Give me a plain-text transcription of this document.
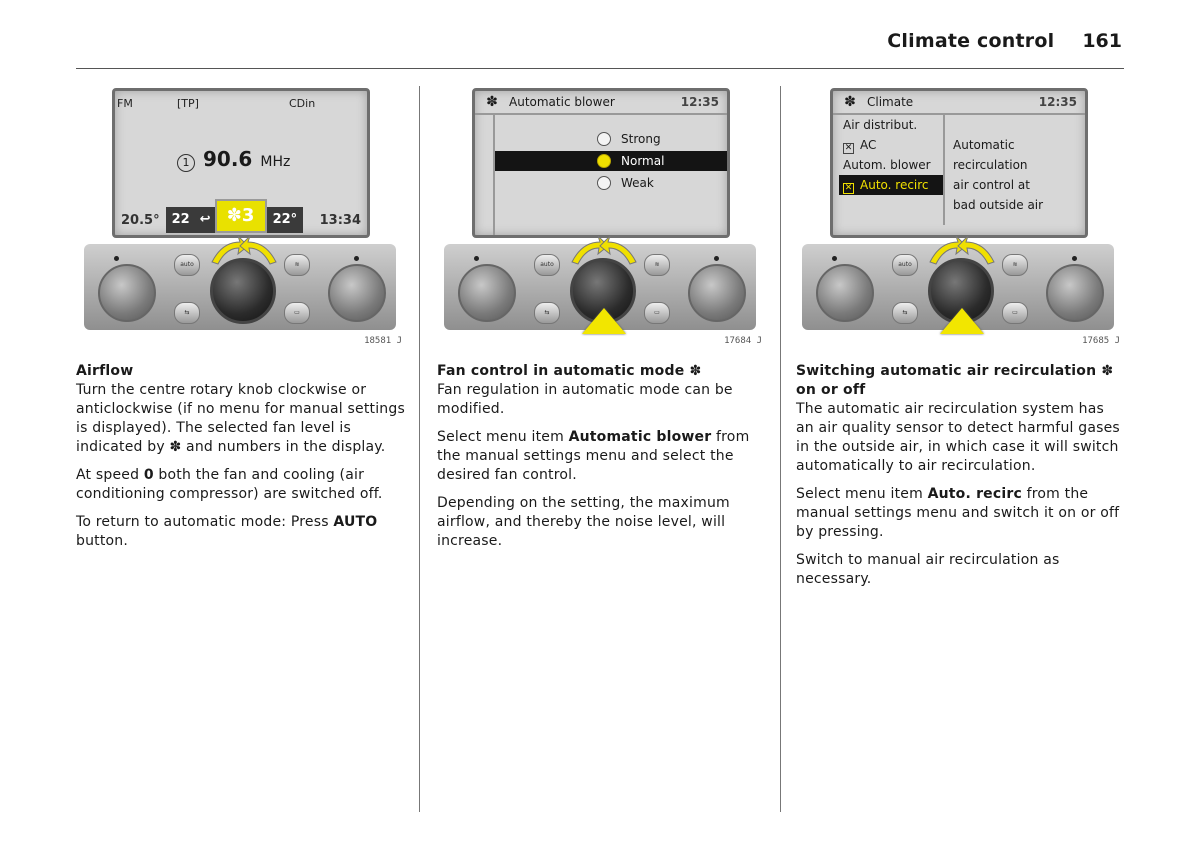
Climate control 161
FM	[TP]	CDin
1 90.6 MHz
20.5° 22 ↩ ✽3	22°	13:34
auto
⇆
≋
▭
18581 J
✽ Automatic blower	12:35
Strong
Normal
Weak
auto
⇆
≋
▭
17684 J
✽ Climate	12:35
Air distribut.
✕ AC
Autom. blower
✕ Auto. recirc
Automatic
recirculation
air control at
bad outside air
auto
⇆
≋
▭
17685 J
Airflow

Turn the centre rotary knob clockwise or anticlockwise (if no menu for manual settings is displayed). The selected fan level is indicated by ✽ and numbers in the display.

At speed 0 both the fan and cooling (air conditioning compressor) are switched off.

To return to automatic mode: Press AUTO button.

Fan control in automatic mode ✽

Fan regulation in automatic mode can be modified.

Select menu item Automatic blower from the manual settings menu and select the desired fan control.

Depending on the setting, the maximum airflow, and thereby the noise level, will increase.

Switching automatic air recirculation ✽ on or off

The automatic air recirculation system has an air quality sensor to detect harmful gases in the outside air, in which case it will switch automatically to air recirculation.

Select menu item Auto. recirc from the manual settings menu and switch it on or off by pressing.

Switch to manual air recirculation as necessary.
